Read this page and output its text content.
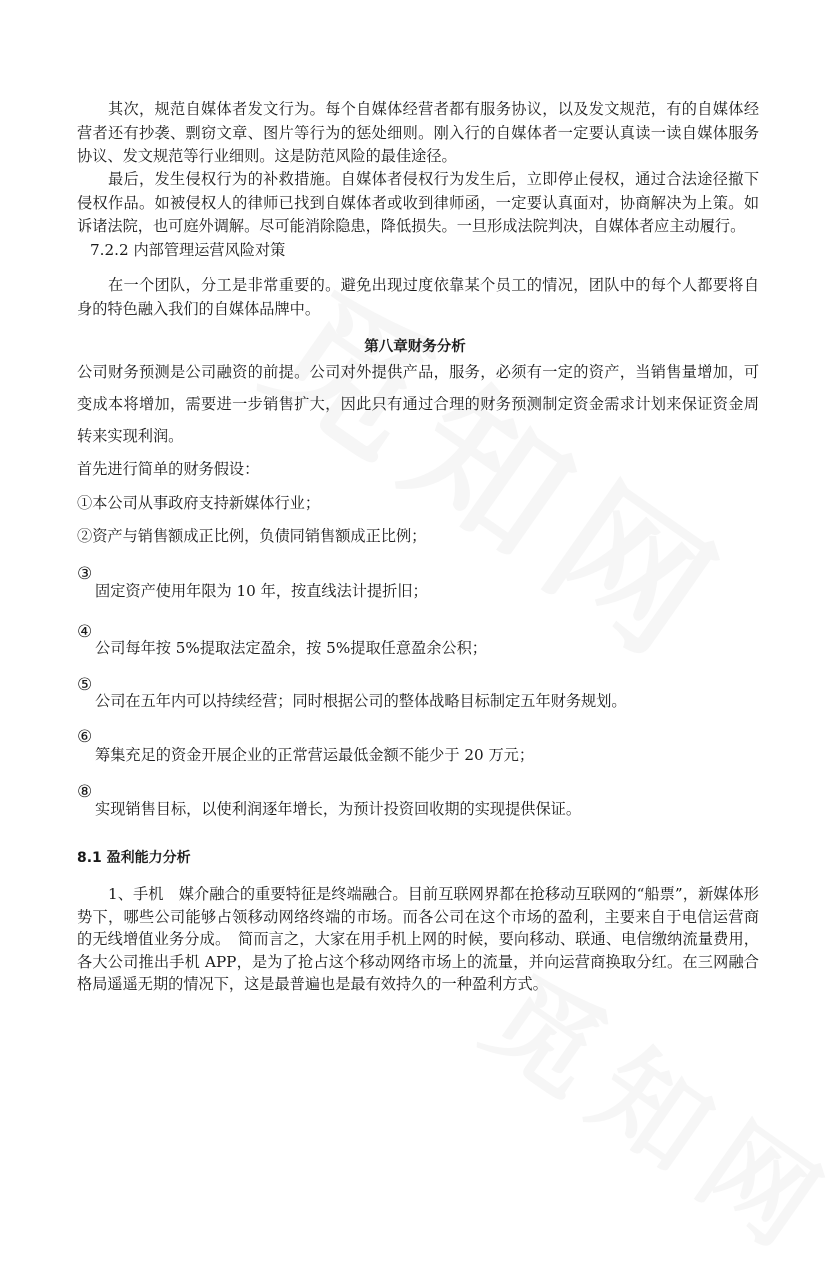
其次，规范自媒体者发文行为。每个自媒体经营者都有服务协议，以及发文规范，有的自媒体经营者还有抄袭、剽窃文章、图片等行为的惩处细则。刚入行的自媒体者一定要认真读一读自媒体服务协议、发文规范等行业细则。这是防范风险的最佳途径。

最后，发生侵权行为的补救措施。自媒体者侵权行为发生后，立即停止侵权，通过合法途径撤下侵权作品。如被侵权人的律师已找到自媒体者或收到律师函，一定要认真面对，协商解决为上策。如诉诸法院，也可庭外调解。尽可能消除隐患，降低损失。一旦形成法院判决，自媒体者应主动履行。

7.2.2 内部管理运营风险对策

在一个团队，分工是非常重要的。避免出现过度依靠某个员工的情况，团队中的每个人都要将自身的特色融入我们的自媒体品牌中。

第八章财务分析

公司财务预测是公司融资的前提。公司对外提供产品，服务，必须有一定的资产，当销售量增加，可变成本将增加，需要进一步销售扩大，因此只有通过合理的财务预测制定资金需求计划来保证资金周转来实现利润。

首先进行简单的财务假设：
①本公司从事政府支持新媒体行业；
②资产与销售额成正比例，负债同销售额成正比例；
③
固定资产使用年限为 10 年，按直线法计提折旧；
④
公司每年按 5%提取法定盈余，按 5%提取任意盈余公积；
⑤
公司在五年内可以持续经营；同时根据公司的整体战略目标制定五年财务规划。
⑥
筹集充足的资金开展企业的正常营运最低金额不能少于 20 万元；
⑧
实现销售目标，以使利润逐年增长，为预计投资回收期的实现提供保证。
8.1 盈利能力分析

1、手机　媒介融合的重要特征是终端融合。目前互联网界都在抢移动互联网的“船票”，新媒体形势下，哪些公司能够占领移动网络终端的市场。而各公司在这个市场的盈利，主要来自于电信运营商的无线增值业务分成。　简而言之，大家在用手机上网的时候，要向移动、联通、电信缴纳流量费用，各大公司推出手机 APP，是为了抢占这个移动网络市场上的流量，并向运营商换取分红。在三网融合格局遥遥无期的情况下，这是最普遍也是最有效持久的一种盈利方式。
